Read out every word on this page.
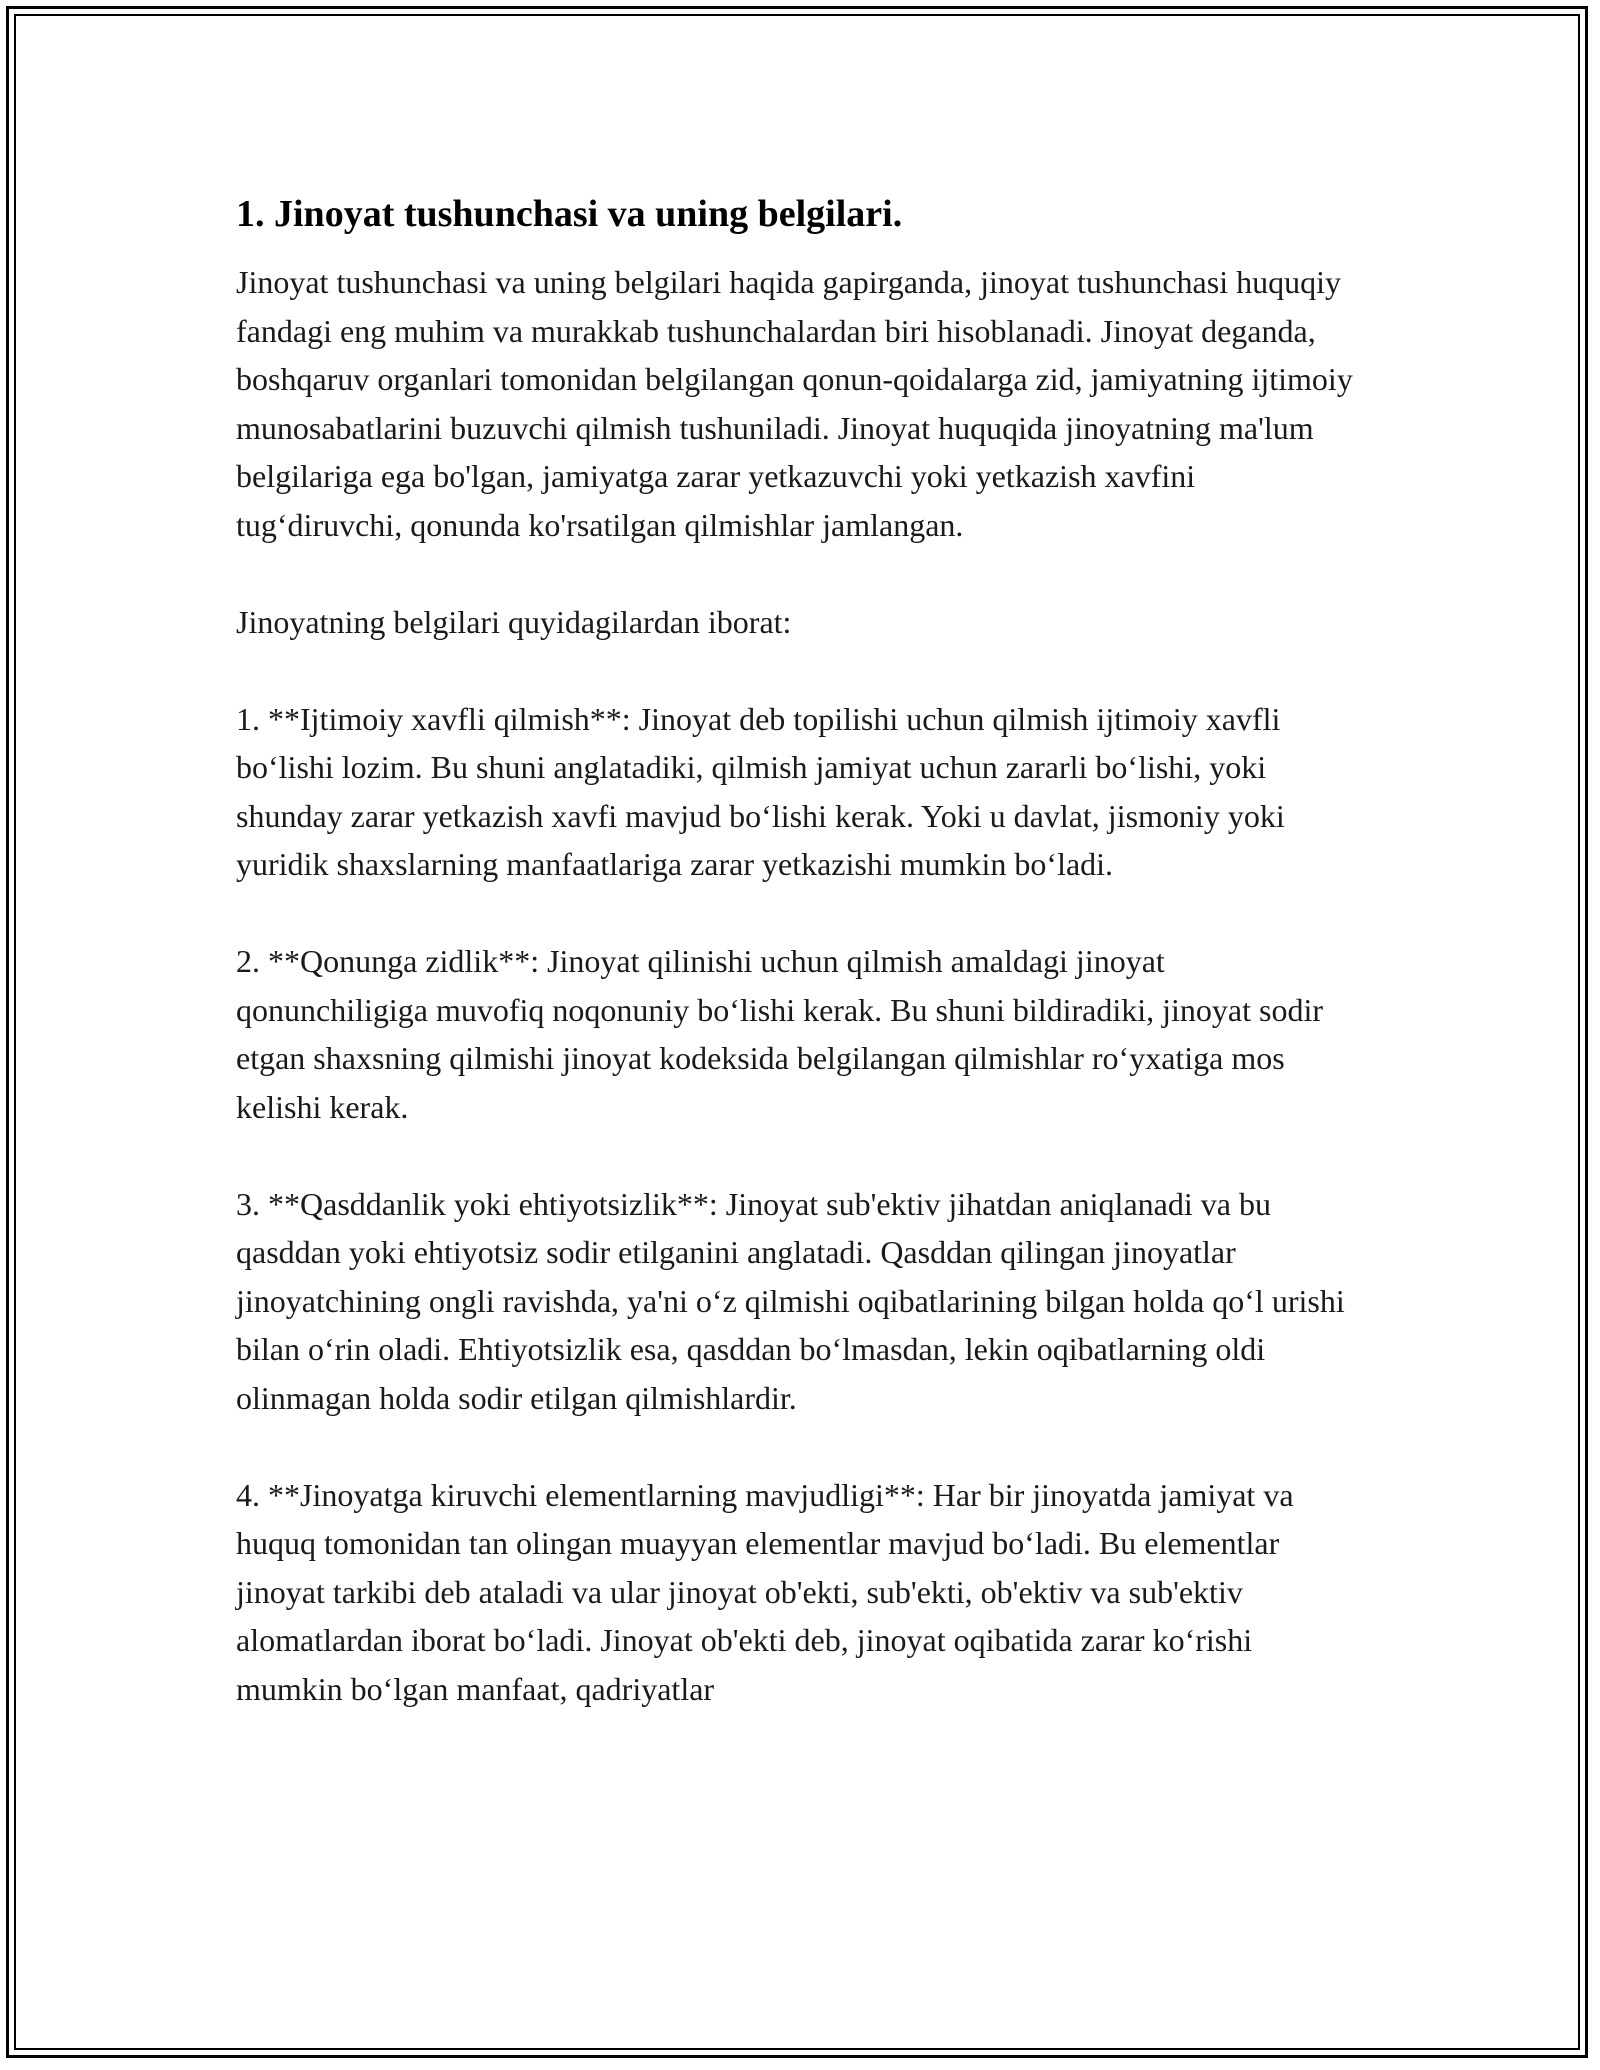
1. Jinoyat tushunchasi va uning belgilari.

Jinoyat tushunchasi va uning belgilari haqida gapirganda, jinoyat tushunchasi huquqiy fandagi eng muhim va murakkab tushunchalardan biri hisoblanadi. Jinoyat deganda, boshqaruv organlari tomonidan belgilangan qonun-qoidalarga zid, jamiyatning ijtimoiy munosabatlarini buzuvchi qilmish tushuniladi. Jinoyat huquqida jinoyatning ma'lum belgilariga ega bo'lgan, jamiyatga zarar yetkazuvchi yoki yetkazish xavfini tug‘diruvchi, qonunda ko'rsatilgan qilmishlar jamlangan.

Jinoyatning belgilari quyidagilardan iborat:

1. **Ijtimoiy xavfli qilmish**: Jinoyat deb topilishi uchun qilmish ijtimoiy xavfli bo‘lishi lozim. Bu shuni anglatadiki, qilmish jamiyat uchun zararli bo‘lishi, yoki shunday zarar yetkazish xavfi mavjud bo‘lishi kerak. Yoki u davlat, jismoniy yoki yuridik shaxslarning manfaatlariga zarar yetkazishi mumkin bo‘ladi.

2. **Qonunga zidlik**: Jinoyat qilinishi uchun qilmish amaldagi jinoyat qonunchiligiga muvofiq noqonuniy bo‘lishi kerak. Bu shuni bildiradiki, jinoyat sodir etgan shaxsning qilmishi jinoyat kodeksida belgilangan qilmishlar ro‘yxatiga mos kelishi kerak.

3. **Qasddanlik yoki ehtiyotsizlik**: Jinoyat sub'ektiv jihatdan aniqlanadi va bu qasddan yoki ehtiyotsiz sodir etilganini anglatadi. Qasddan qilingan jinoyatlar jinoyatchining ongli ravishda, ya'ni o‘z qilmishi oqibatlarining bilgan holda qo‘l urishi bilan o‘rin oladi. Ehtiyotsizlik esa, qasddan bo‘lmasdan, lekin oqibatlarning oldi olinmagan holda sodir etilgan qilmishlardir.

4. **Jinoyatga kiruvchi elementlarning mavjudligi**: Har bir jinoyatda jamiyat va huquq tomonidan tan olingan muayyan elementlar mavjud bo‘ladi. Bu elementlar jinoyat tarkibi deb ataladi va ular jinoyat ob'ekti, sub'ekti, ob'ektiv va sub'ektiv alomatlardan iborat bo‘ladi. Jinoyat ob'ekti deb, jinoyat oqibatida zarar ko‘rishi mumkin bo‘lgan manfaat, qadriyatlar
